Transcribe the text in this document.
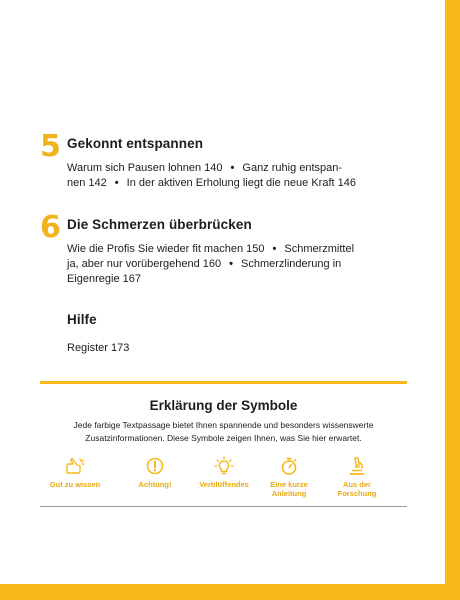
5 Gekonnt entspannen
Warum sich Pausen lohnen 140 • Ganz ruhig entspan-
nen 142 • In der aktiven Erholung liegt die neue Kraft 146
6 Die Schmerzen überbrücken
Wie die Profis Sie wieder fit machen 150 • Schmerzmittel
ja, aber nur vorübergehend 160 • Schmerzlinderung in
Eigenregie 167
Hilfe
Register 173
Erklärung der Symbole
Jede farbige Textpassage bietet Ihnen spannende und besonders wissenswerte
Zusatzinformationen. Diese Symbole zeigen Ihnen, was Sie hier erwartet.
Gut zu wissen	Achtung!	Verblüffendes	Eine kurze
Anleitung
Aus der
Forschung
